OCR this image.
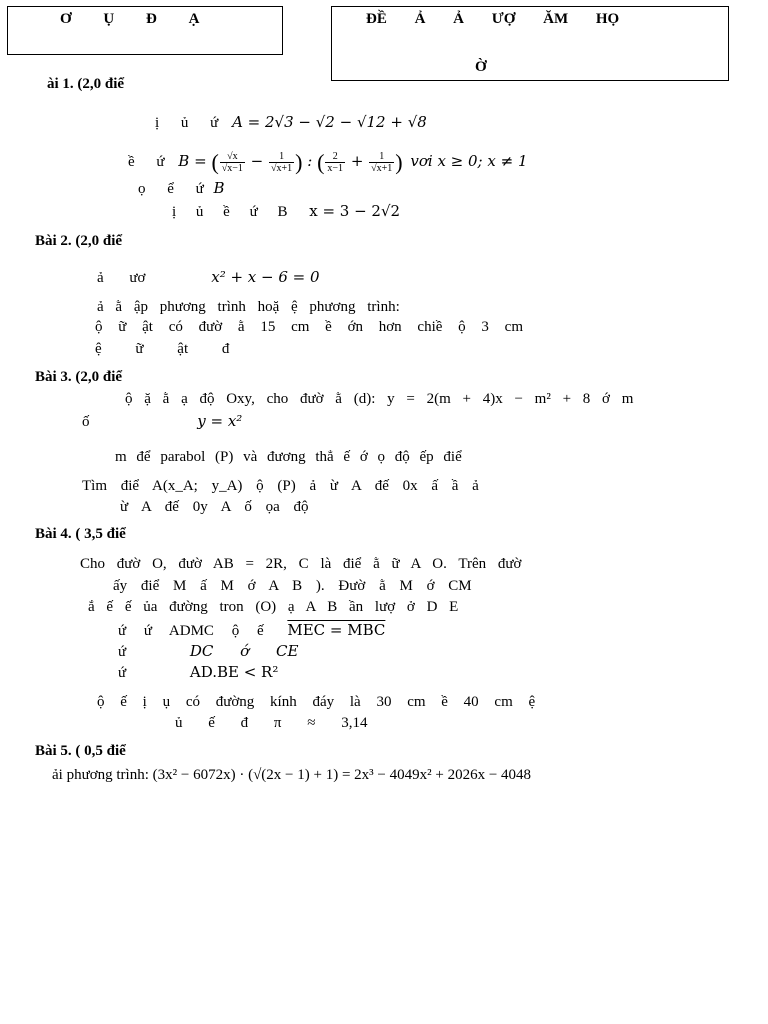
Ơ Ụ Đ Ạ	ĐỀ Ả Ả ƯỢ ĂM HỌ
Ờ
ài 1. (2,0 điể
ị ủ ứ A = 2√3 − √2 − √12 + √8
ề ứ B = ( $\frac{√x}{√x-1} - \frac{1}{√x+1}$ ) : ( $\frac{2}{x-1} + \frac{1}{√x+1}$ ) vơi x ≥ 0; x ≠ 1
ọ ể ứ B
ị ủ ề ứ B x = 3 − 2√2
Bài 2. (2,0 điể
ả ươ	x² + x − 6 = 0
ả ằ ập phương trình hoặ ệ phương trình:
ộ ữ ật có đườ ằ 15 cm ề ớn hơn chiề ộ 3 cm
ệ ữ ật đ
Bài 3. (2,0 điể
ộ ặ ằ ạ độ Oxy, cho đườ ằ (d): y = 2(m + 4)x − m² + 8 ớ m
ố	y = x²
m để parabol (P) và đương thẳ ế ớ ọ độ ếp điể
Tìm điể A(x_A; y_A) ộ (P) ả ừ A đế 0x ấ ầ ả
ừ A đế 0y A ố ọa độ
Bài 4. ( 3,5 điể
Cho đườ O, đườ AB = 2R, C là điể ằ ữ A O. Trên đườ
ấy điể M ấ M ớ A B ). Đườ ằ M ớ CM
ắ ế ế ủa đường tron (O) ạ A B ần lượ ở D E
ứ ứ ADMC ộ ế MEC = MBC
ứ	DC ớ CE
ứ	AD.BE < R²
ộ ế ị ụ có đường kính đáy là 30 cm ề 40 cm ệ
ủ ế đ π ≈ 3,14
Bài 5. ( 0,5 điể
ải phương trình: (3x² − 6072x) · (√(2x − 1) + 1) = 2x³ − 4049x² + 2026x − 4048
